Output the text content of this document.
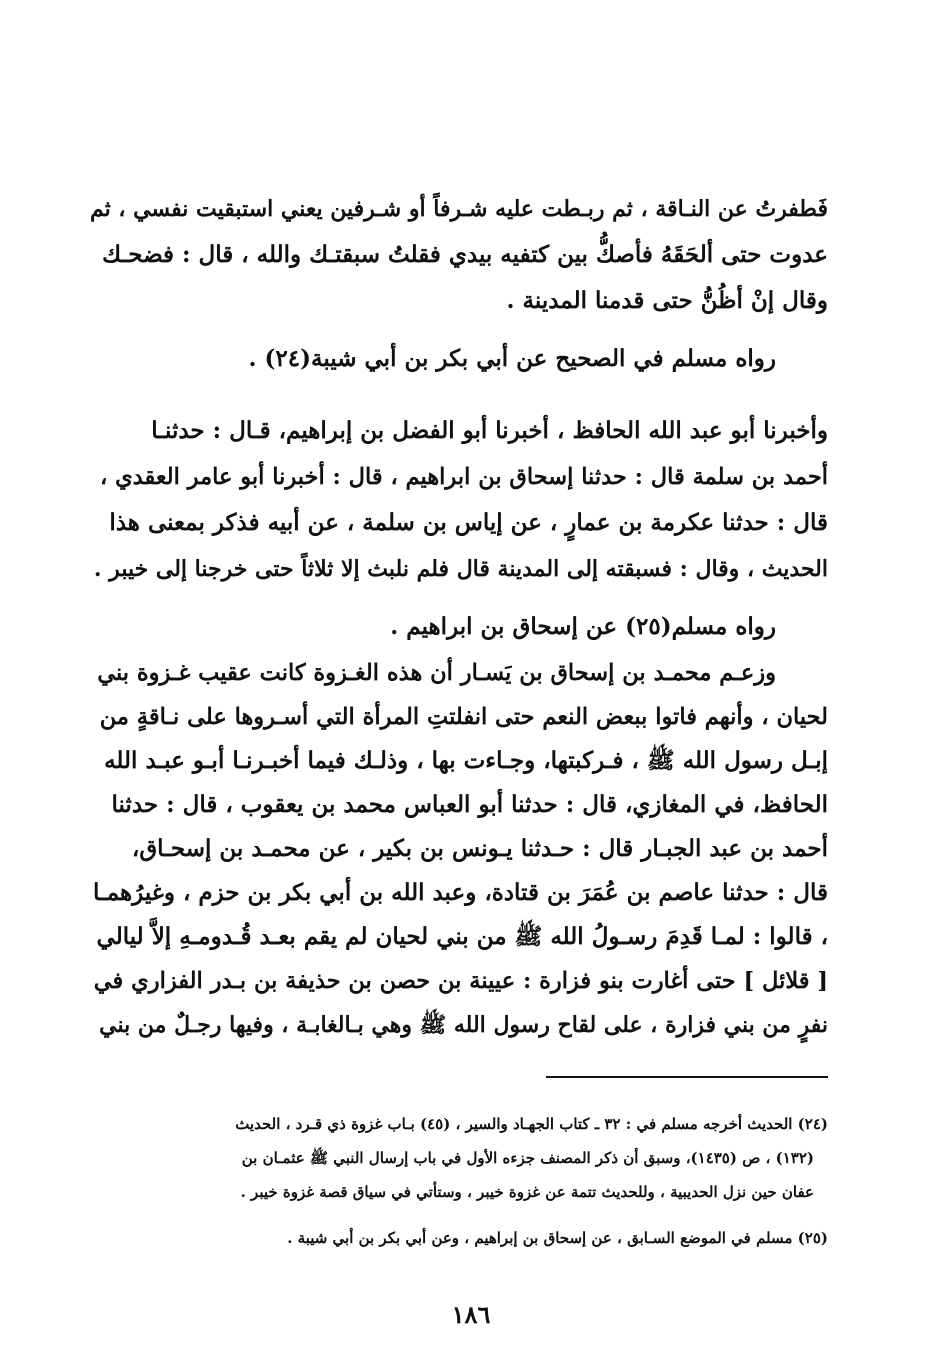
فَطفرتُ عن النـاقة ، ثم ربـطت عليه شـرفاً أو شـرفين يعني استبقيت نفسي ، ثم
عدوت حتى ألحَقَهُ فأصكُّ بين كتفيه بيدي فقلتُ سبقتـك والله ، قال : فضحـك
وقال إنْ أظُنُّ حتى قدمنا المدينة .
رواه مسلم في الصحيح عن أبي بكر بن أبي شيبة(٢٤) .
وأخبرنا أبو عبد الله الحافظ ، أخبرنا أبو الفضل بن إبراهيم، قـال : حدثنـا
أحمد بن سلمة قال : حدثنا إسحاق بن ابراهيم ، قال : أخبرنا أبو عامر العقدي ،
قال : حدثنا عكرمة بن عمارٍ ، عن إياس بن سلمة ، عن أبيه فذكر بمعنى هذا
الحديث ، وقال : فسبقته إلى المدينة قال فلم نلبث إلا ثلاثاً حتى خرجنا إلى خيبر .
رواه مسلم(٢٥) عن إسحاق بن ابراهيم .
وزعـم محمـد بن إسحاق بن يَسـار أن هذه الغـزوة كانت عقيب غـزوة بني
لحيان ، وأنهم فاتوا ببعض النعم حتى انفلتتِ المرأة التي أسـروها على نـاقةٍ من
إبـل رسول الله ﷺ ، فـركبتها، وجـاءت بها ، وذلـك فيما أخبـرنـا أبـو عبـد الله
الحافظ، في المغازي، قال : حدثنا أبو العباس محمد بن يعقوب ، قال : حدثنا
أحمد بن عبد الجبـار قال : حـدثنا يـونس بن بكير ، عن محمـد بن إسحـاق،
قال : حدثنا عاصم بن عُمَرَ بن قتادة، وعبد الله بن أبي بكر بن حزم ، وغيرُهمـا
، قالوا : لمـا قَدِمَ رسـولُ الله ﷺ من بني لحيان لم يقم بعـد قُـدومـهِ إلاَّ ليالي
[ قلائل ] حتى أغارت بنو فزارة : عيينة بن حصن بن حذيفة بن بـدر الفزاري في
نفرٍ من بني فزارة ، على لقاح رسول الله ﷺ وهي بـالغابـة ، وفيها رجـلٌ من بني
(٢٤) الحديث أخرجه مسلم في : ٣٢ ـ كتاب الجهـاد والسير ، (٤٥) بـاب غزوة ذي قـرد ، الحديث
(١٣٢) ، ص (١٤٣٥)، وسبق أن ذكر المصنف جزءه الأول في باب إرسال النبي ﷺ عثمـان بن
عفان حين نزل الحديبية ، وللحديث تتمة عن غزوة خيبر ، وستأتي في سياق قصة غزوة خيبر .
(٢٥) مسلم في الموضع السـابق ، عن إسحاق بن إبراهيم ، وعن أبي بكر بن أبي شيبة .
١٨٦
